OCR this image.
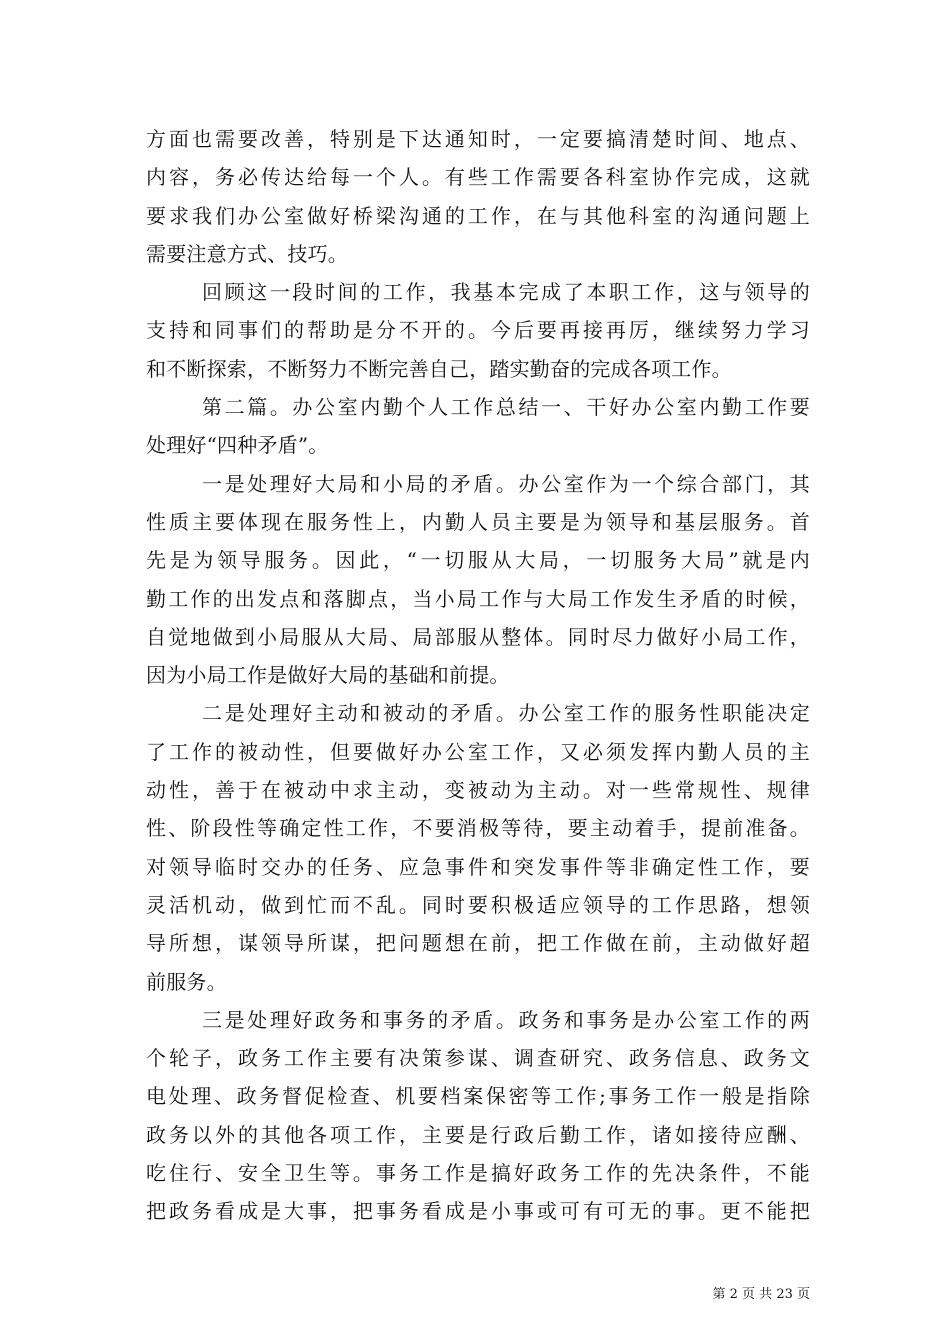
方面也需要改善，特别是下达通知时，一定要搞清楚时间、地点、
内容，务必传达给每一个人。有些工作需要各科室协作完成，这就
要求我们办公室做好桥梁沟通的工作，在与其他科室的沟通问题上
需要注意方式、技巧。
回顾这一段时间的工作，我基本完成了本职工作，这与领导的
支持和同事们的帮助是分不开的。今后要再接再厉，继续努力学习
和不断探索，不断努力不断完善自己，踏实勤奋的完成各项工作。
第二篇。办公室内勤个人工作总结一、干好办公室内勤工作要
处理好“四种矛盾”。
一是处理好大局和小局的矛盾。办公室作为一个综合部门，其
性质主要体现在服务性上，内勤人员主要是为领导和基层服务。首
先是为领导服务。因此，“一切服从大局，一切服务大局”就是内
勤工作的出发点和落脚点，当小局工作与大局工作发生矛盾的时候，
自觉地做到小局服从大局、局部服从整体。同时尽力做好小局工作，
因为小局工作是做好大局的基础和前提。
二是处理好主动和被动的矛盾。办公室工作的服务性职能决定
了工作的被动性，但要做好办公室工作，又必须发挥内勤人员的主
动性，善于在被动中求主动，变被动为主动。对一些常规性、规律
性、阶段性等确定性工作，不要消极等待，要主动着手，提前准备。
对领导临时交办的任务、应急事件和突发事件等非确定性工作，要
灵活机动，做到忙而不乱。同时要积极适应领导的工作思路，想领
导所想，谋领导所谋，把问题想在前，把工作做在前，主动做好超
前服务。
三是处理好政务和事务的矛盾。政务和事务是办公室工作的两
个轮子，政务工作主要有决策参谋、调查研究、政务信息、政务文
电处理、政务督促检查、机要档案保密等工作;事务工作一般是指除
政务以外的其他各项工作，主要是行政后勤工作，诸如接待应酬、
吃住行、安全卫生等。事务工作是搞好政务工作的先决条件，不能
把政务看成是大事，把事务看成是小事或可有可无的事。更不能把
第 2 页 共 23 页
